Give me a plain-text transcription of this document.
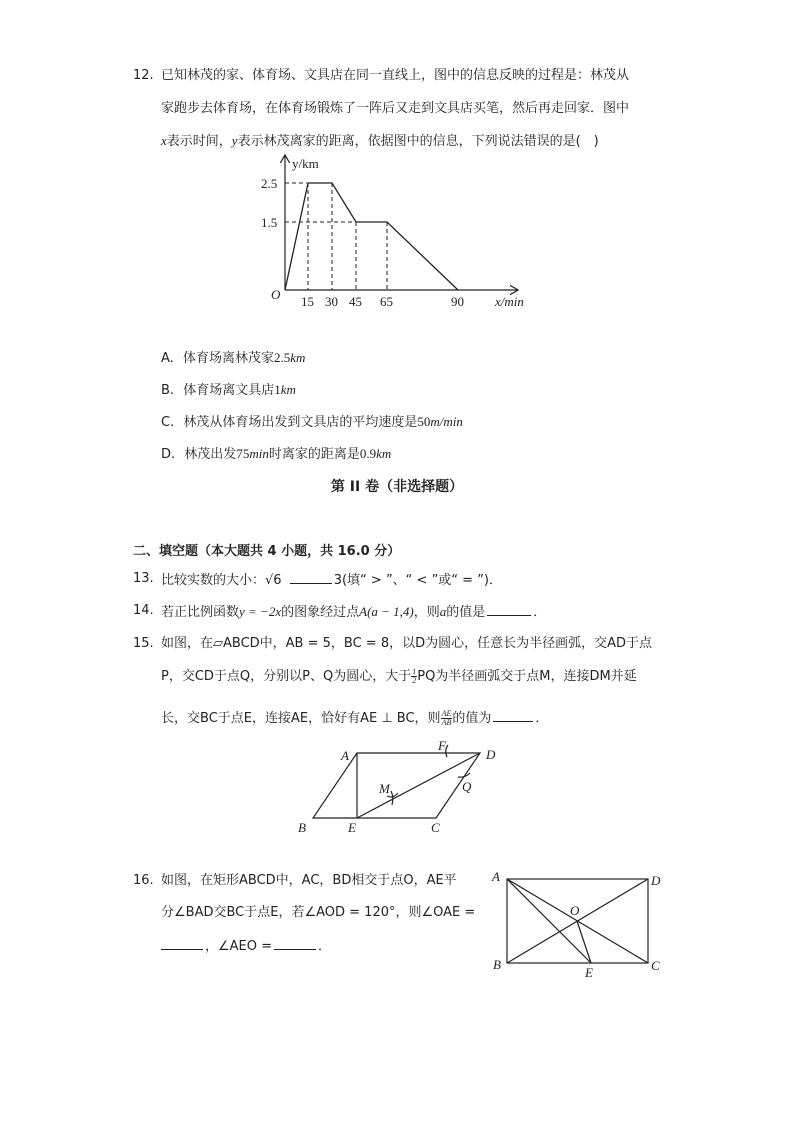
12. 已知林茂的家、体育场、文具店在同一直线上，图中的信息反映的过程是：林茂从
家跑步去体育场，在体育场锻炼了一阵后又走到文具店买笔，然后再走回家．图中
x表示时间，y表示林茂离家的距离，依据图中的信息，下列说法错误的是(　)
y/km
x/min
O
2.5
1.5
15 30 45 65	90
A. 体育场离林茂家2.5km
B. 体育场离文具店1km
C. 林茂从体育场出发到文具店的平均速度是50m/min
D. 林茂出发75min时离家的距离是0.9km
第 II 卷（非选择题）
二、填空题（本大题共 4 小题，共 16.0 分）
13. 比较实数的大小：√6	3(填“ > ”、“ < ”或“ = ”)．
14. 若正比例函数y = −2x的图象经过点A(a − 1,4)，则a的值是	．
15. 如图，在▱ABCD中，AB = 5，BC = 8，以D为圆心，任意长为半径画弧，交AD于点
P，交CD于点Q，分别以P、Q为圆心，大于 $\frac{1}{2}$ PQ为半径画弧交于点M，连接DM并延
长，交BC于点E，连接AE，恰好有AE ⊥ BC，则 $\frac{AE}{AB}$ 的值为	．
A	D
B	E	C
F
M	Q
16. 如图，在矩形ABCD中，AC，BD相交于点O，AE平
分∠BAD交BC于点E，若∠AOD = 120°，则∠OAE =
，∠AEO =	．
A	D
B	C
E
O
